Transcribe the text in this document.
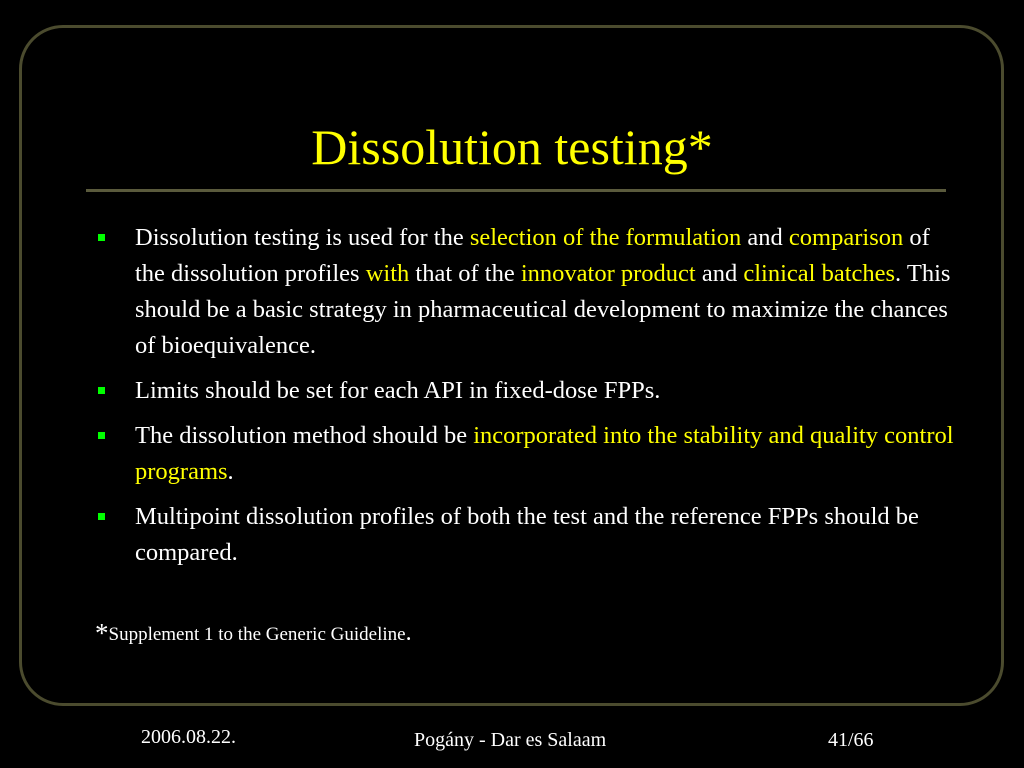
Dissolution testing*
Dissolution testing is used for the selection of the formulation and comparison of the dissolution profiles with that of the innovator product and clinical batches. This should be a basic strategy in pharmaceutical development to maximize the chances of bioequivalence.
Limits should be set for each API in fixed-dose FPPs.
The dissolution method should be incorporated into the stability and quality control programs.
Multipoint dissolution profiles of both the test and the reference FPPs should be compared.
*Supplement 1 to the Generic Guideline.
2006.08.22.	Pogány - Dar es Salaam	41/66
